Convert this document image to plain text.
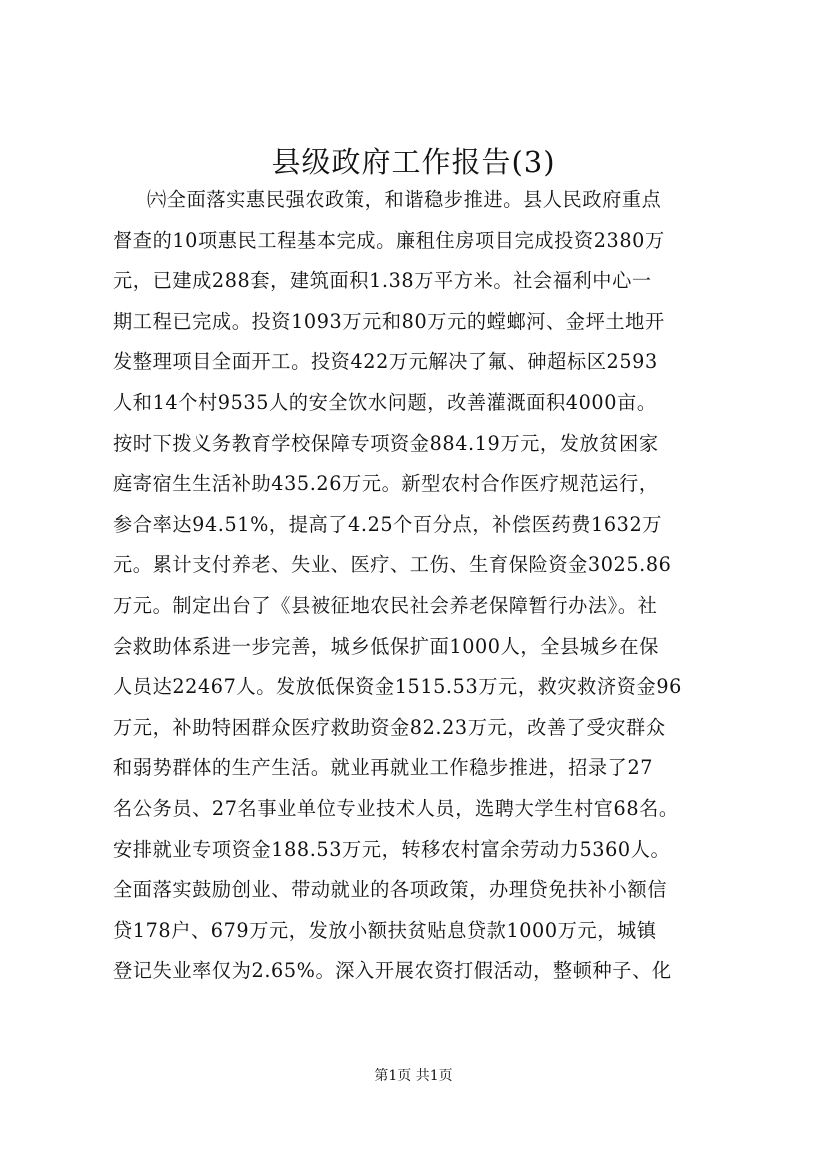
县级政府工作报告(3)
㈥全面落实惠民强农政策，和谐稳步推进。县人民政府重点
督查的10项惠民工程基本完成。廉租住房项目完成投资2380万
元，已建成288套，建筑面积1.38万平方米。社会福利中心一
期工程已完成。投资1093万元和80万元的螳螂河、金坪土地开
发整理项目全面开工。投资422万元解决了氟、砷超标区2593
人和14个村9535人的安全饮水问题，改善灌溉面积4000亩。
按时下拨义务教育学校保障专项资金884.19万元，发放贫困家
庭寄宿生生活补助435.26万元。新型农村合作医疗规范运行，
参合率达94.51%，提高了4.25个百分点，补偿医药费1632万
元。累计支付养老、失业、医疗、工伤、生育保险资金3025.86
万元。制定出台了《县被征地农民社会养老保障暂行办法》。社
会救助体系进一步完善，城乡低保扩面1000人，全县城乡在保
人员达22467人。发放低保资金1515.53万元，救灾救济资金96
万元，补助特困群众医疗救助资金82.23万元，改善了受灾群众
和弱势群体的生产生活。就业再就业工作稳步推进，招录了27
名公务员、27名事业单位专业技术人员，选聘大学生村官68名。
安排就业专项资金188.53万元，转移农村富余劳动力5360人。
全面落实鼓励创业、带动就业的各项政策，办理贷免扶补小额信
贷178户、679万元，发放小额扶贫贴息贷款1000万元，城镇
登记失业率仅为2.65%。深入开展农资打假活动，整顿种子、化
第1页 共1页
